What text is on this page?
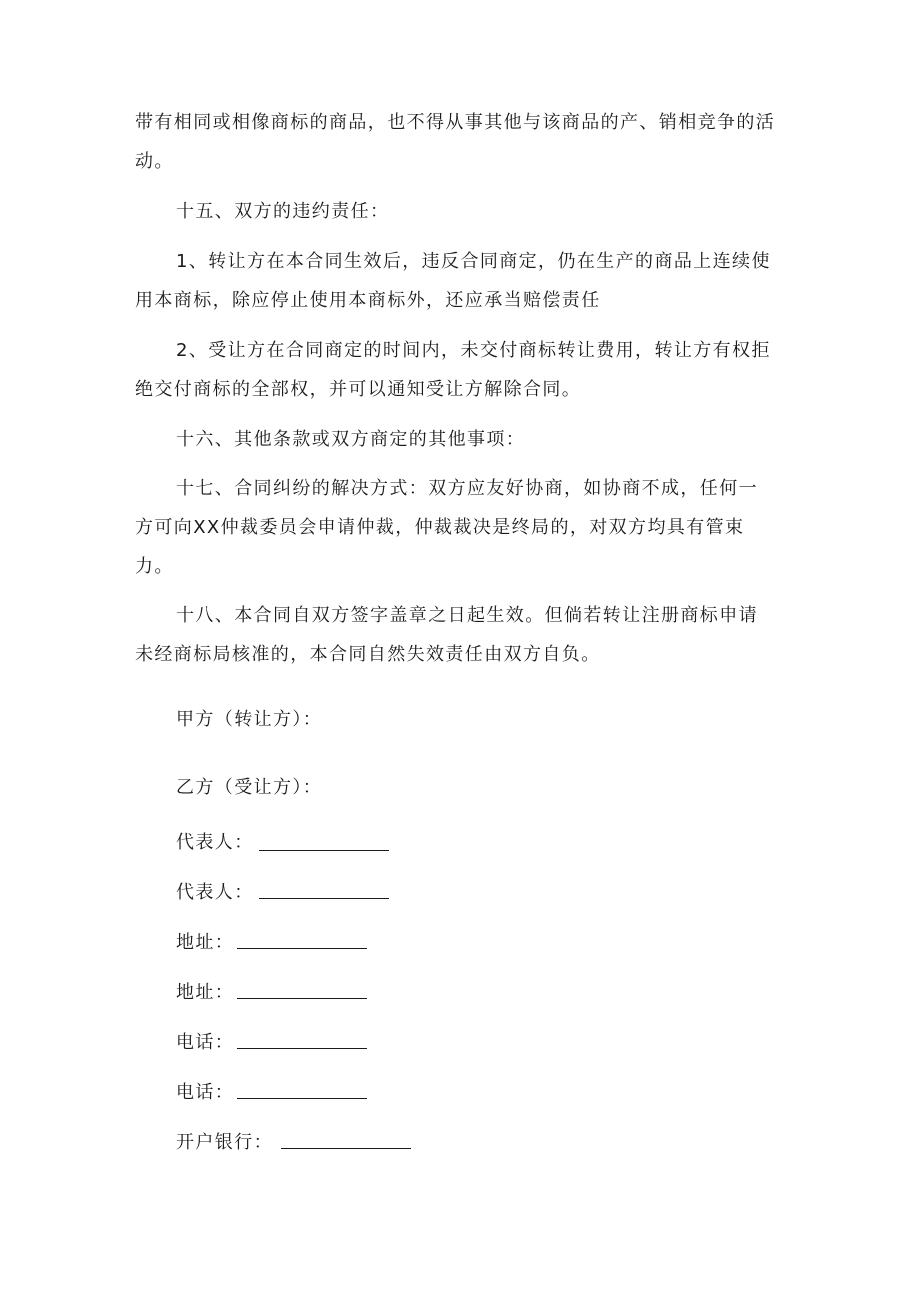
带有相同或相像商标的商品，也不得从事其他与该商品的产、销相竞争的活
动。
十五、双方的违约责任：
1、转让方在本合同生效后，违反合同商定，仍在生产的商品上连续使
用本商标，除应停止使用本商标外，还应承当赔偿责任
2、受让方在合同商定的时间内，未交付商标转让费用，转让方有权拒
绝交付商标的全部权，并可以通知受让方解除合同。
十六、其他条款或双方商定的其他事项：
十七、合同纠纷的解决方式：双方应友好协商，如协商不成，任何一
方可向XX仲裁委员会申请仲裁，仲裁裁决是终局的，对双方均具有管束
力。
十八、本合同自双方签字盖章之日起生效。但倘若转让注册商标申请
未经商标局核准的，本合同自然失效责任由双方自负。
甲方（转让方）：
乙方（受让方）：
代表人：
代表人：
地址：
地址：
电话：
电话：
开户银行：
